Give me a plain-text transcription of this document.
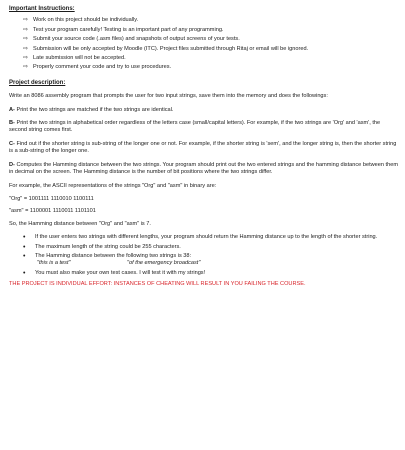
Important Instructions:
⇨ Work on this project should be individually.
⇨ Test your program carefully! Testing is an important part of any programming.
⇨ Submit your source code (.asm files) and snapshots of output screens of your tests.
⇨ Submission will be only accepted by Moodle (ITC). Project files submitted through Ritaj or email will be ignored.
⇨ Late submission will not be accepted.
⇨ Properly comment your code and try to use procedures.
Project description:

Write an 8086 assembly program that prompts the user for two input strings, save them into the memory and does the followings:

A- Print the two strings are matched if the two strings are identical.

B- Print the two strings in alphabetical order regardless of the letters case (small/capital letters). For example, if the two strings are 'Org' and 'asm', the second string comes first.

C- Find out if the shorter string is sub-string of the longer one or not. For example, if the shorter string is 'sem', and the longer string is, then the shorter string is a sub-string of the longer one.

D- Computes the Hamming distance between the two strings. Your program should print out the two entered strings and the hamming distance between them in decimal on the screen. The Hamming distance is the number of bit positions where the two strings differ.

For example, the ASCII representations of the strings "Org" and "asm" in binary are:

"Org" = 1001111 1110010 1100111
"asm" = 1100001 1110011 1101101

So, the Hamming distance between "Org" and "asm" is 7.

• If the user enters two strings with different lengths, your program should return the Hamming distance up to the length of the shorter string.
• The maximum length of the string could be 255 characters.
• The Hamming distance between the following two strings is 38:
"this is a test"	"of the emergency broadcast"
• You must also make your own test cases. I will test it with my strings!
THE PROJECT IS INDIVIDUAL EFFORT: INSTANCES OF CHEATING WILL RESULT IN YOU FAILING THE COURSE.
